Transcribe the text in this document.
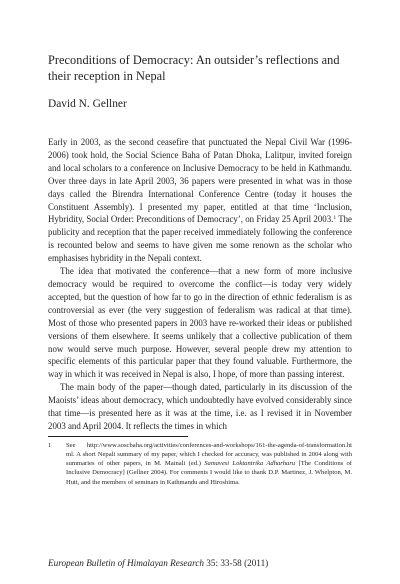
Preconditions of Democracy: An outsider’s reflections and
their reception in Nepal
David N. Gellner

Early in 2003, as the second ceasefire that punctuated the Nepal Civil War (1996-2006) took hold, the Social Science Baha of Patan Dhoka, Lalitpur, invited foreign and local scholars to a conference on Inclusive Democracy to be held in Kathmandu. Over three days in late April 2003, 36 papers were presented in what was in those days called the Birendra International Conference Centre (today it houses the Constituent Assembly). I presented my paper, entitled at that time ‘Inclusion, Hybridity, Social Order: Preconditions of Democracy’, on Friday 25 April 2003.$^1$ The publicity and reception that the paper received immediately following the conference is recounted below and seems to have given me some renown as the scholar who emphasises hybridity in the Nepali context.

The idea that motivated the conference—that a new form of more inclusive democracy would be required to overcome the conflict—is today very widely accepted, but the question of how far to go in the direction of ethnic federalism is as controversial as ever (the very suggestion of federalism was radical at that time). Most of those who presented papers in 2003 have re-worked their ideas or published versions of them elsewhere. It seems unlikely that a collective publication of them now would serve much purpose. However, several people drew my attention to specific elements of this particular paper that they found valuable. Furthermore, the way in which it was received in Nepal is also, I hope, of more than passing interest.

The main body of the paper—though dated, particularly in its discussion of the Maoists’ ideas about democracy, which undoubtedly have evolved considerably since that time—is presented here as it was at the time, i.e. as I revised it in November 2003 and April 2004. It reflects the times in which

1	See http://www.soscbaha.org/activities/conferences-and-workshops/161-the-agenda-of-transformation.html. A short Nepali summary of my paper, which I checked for accuracy, was published in 2004 along with summaries of other papers, in M. Mainali (ed.) Samavesi Loktantrika Adharharu [The Conditions of Inclusive Democracy] (Gellner 2004). For comments I would like to thank D.P. Martinez, J. Whelpton, M. Hutt, and the members of seminars in Kathmandu and Hiroshima.
European Bulletin of Himalayan Research 35: 33-58 (2011)
